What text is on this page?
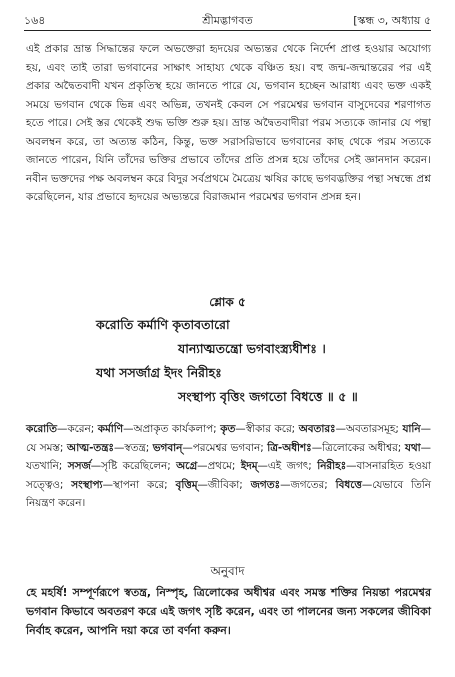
১৬৪	শ্রীমদ্ভাগবত	[স্কন্ধ ৩, অধ্যায় ৫
এই প্রকার ভ্রান্ত সিদ্ধান্তের ফলে অভক্তেরা হৃদয়ের অভ্যন্তর থেকে নির্দেশ প্রাপ্ত হওয়ার অযোগ্য হয়, এবং তাই তারা ভগবানের সাক্ষাৎ সাহায্য থেকে বঞ্চিত হয়। বহু জন্ম-জন্মান্তরের পর এই প্রকার অদ্বৈতবাদী যখন প্রকৃতিস্থ হয়ে জানতে পারে যে, ভগবান হচ্ছেন আরাধ্য এবং ভক্ত একই সময়ে ভগবান থেকে ভিন্ন এবং অভিন্ন, তখনই কেবল সে পরমেশ্বর ভগবান বাসুদেবের শরণাগত হতে পারে। সেই স্তর থেকেই শুদ্ধ ভক্তি শুরু হয়। ভ্রান্ত অদ্বৈতবাদীরা পরম সত্যকে জানার যে পন্থা অবলম্বন করে, তা অত্যন্ত কঠিন, কিন্তু, ভক্ত সরাসরিভাবে ভগবানের কাছ থেকে পরম সত্যকে জানতে পারেন, যিনি তাঁদের ভক্তির প্রভাবে তাঁদের প্রতি প্রসন্ন হয়ে তাঁদের সেই জ্ঞানদান করেন। নবীন ভক্তদের পক্ষ অবলম্বন করে বিদুর সর্বপ্রথমে মৈত্রেয় ঋষির কাছে ভগবদ্ভক্তির পন্থা সম্বন্ধে প্রশ্ন করেছিলেন, যার প্রভাবে হৃদয়ের অভ্যন্তরে বিরাজমান পরমেশ্বর ভগবান প্রসন্ন হন।
শ্লোক ৫
করোতি কর্মাণি কৃতাবতারো
যান্যাত্মতন্ত্রো ভগবাংস্ত্র্যধীশঃ ।
যথা সসর্জাগ্র ইদং নিরীহঃ
সংস্থাপ্য বৃত্তিং জগতো বিধত্তে ॥ ৫ ॥
করোতি—করেন; কর্মাণি—অপ্রাকৃত কার্যকলাপ; কৃত—স্বীকার করে; অবতারঃ—অবতারসমূহ; যানি—যে সমস্ত; আত্ম-তন্ত্রঃ—স্বতন্ত্র; ভগবান্—পরমেশ্বর ভগবান; ত্রি-অধীশঃ—ত্রিলোকের অধীশ্বর; যথা—যতখানি; সসর্জ—সৃষ্টি করেছিলেন; অগ্রে—প্রথমে; ইদম্—এই জগৎ; নিরীহঃ—বাসনারহিত হওয়া সত্ত্বেও; সংস্থাপ্য—স্থাপনা করে; বৃত্তিম্—জীবিকা; জগতঃ—জগতের; বিধত্তে—যেভাবে তিনি নিয়ন্ত্রণ করেন।
অনুবাদ
হে মহর্ষি! সম্পূর্ণরূপে স্বতন্ত্র, নিস্পৃহ, ত্রিলোকের অধীশ্বর এবং সমস্ত শক্তির নিয়ন্তা পরমেশ্বর ভগবান কিভাবে অবতরণ করে এই জগৎ সৃষ্টি করেন, এবং তা পালনের জন্য সকলের জীবিকা নির্বাহ করেন, আপনি দয়া করে তা বর্ণনা করুন।
